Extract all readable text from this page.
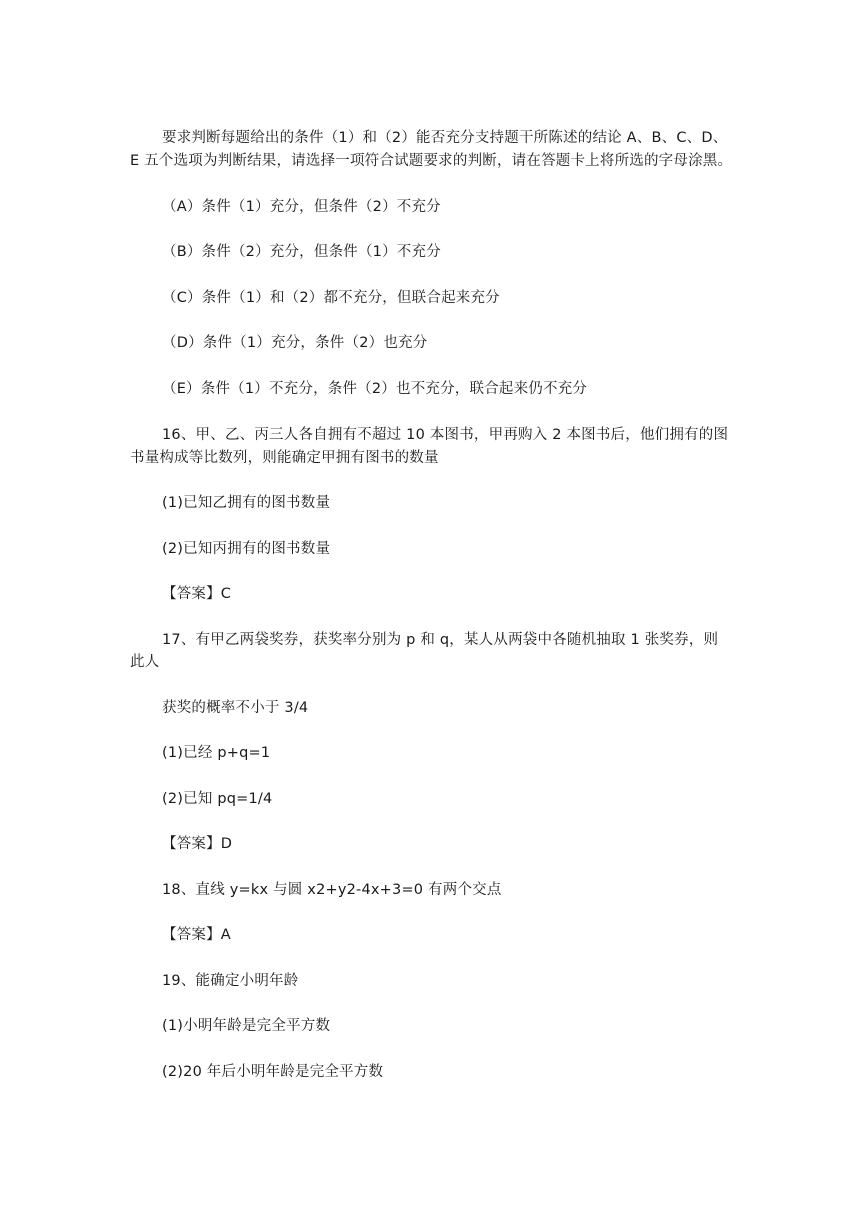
要求判断每题给出的条件（1）和（2）能否充分支持题干所陈述的结论 A、B、C、D、
E 五个选项为判断结果，请选择一项符合试题要求的判断，请在答题卡上将所选的字母涂黑。
（A）条件（1）充分，但条件（2）不充分
（B）条件（2）充分，但条件（1）不充分
（C）条件（1）和（2）都不充分，但联合起来充分
（D）条件（1）充分，条件（2）也充分
（E）条件（1）不充分，条件（2）也不充分，联合起来仍不充分
16、甲、乙、丙三人各自拥有不超过 10 本图书，甲再购入 2 本图书后，他们拥有的图
书量构成等比数列，则能确定甲拥有图书的数量
(1)已知乙拥有的图书数量
(2)已知丙拥有的图书数量
【答案】C
17、有甲乙两袋奖券，获奖率分别为 p 和 q，某人从两袋中各随机抽取 1 张奖券，则
此人
获奖的概率不小于 3/4
(1)已经 p+q=1
(2)已知 pq=1/4
【答案】D
18、直线 y=kx 与圆 x2+y2-4x+3=0 有两个交点
【答案】A
19、能确定小明年龄
(1)小明年龄是完全平方数
(2)20 年后小明年龄是完全平方数
